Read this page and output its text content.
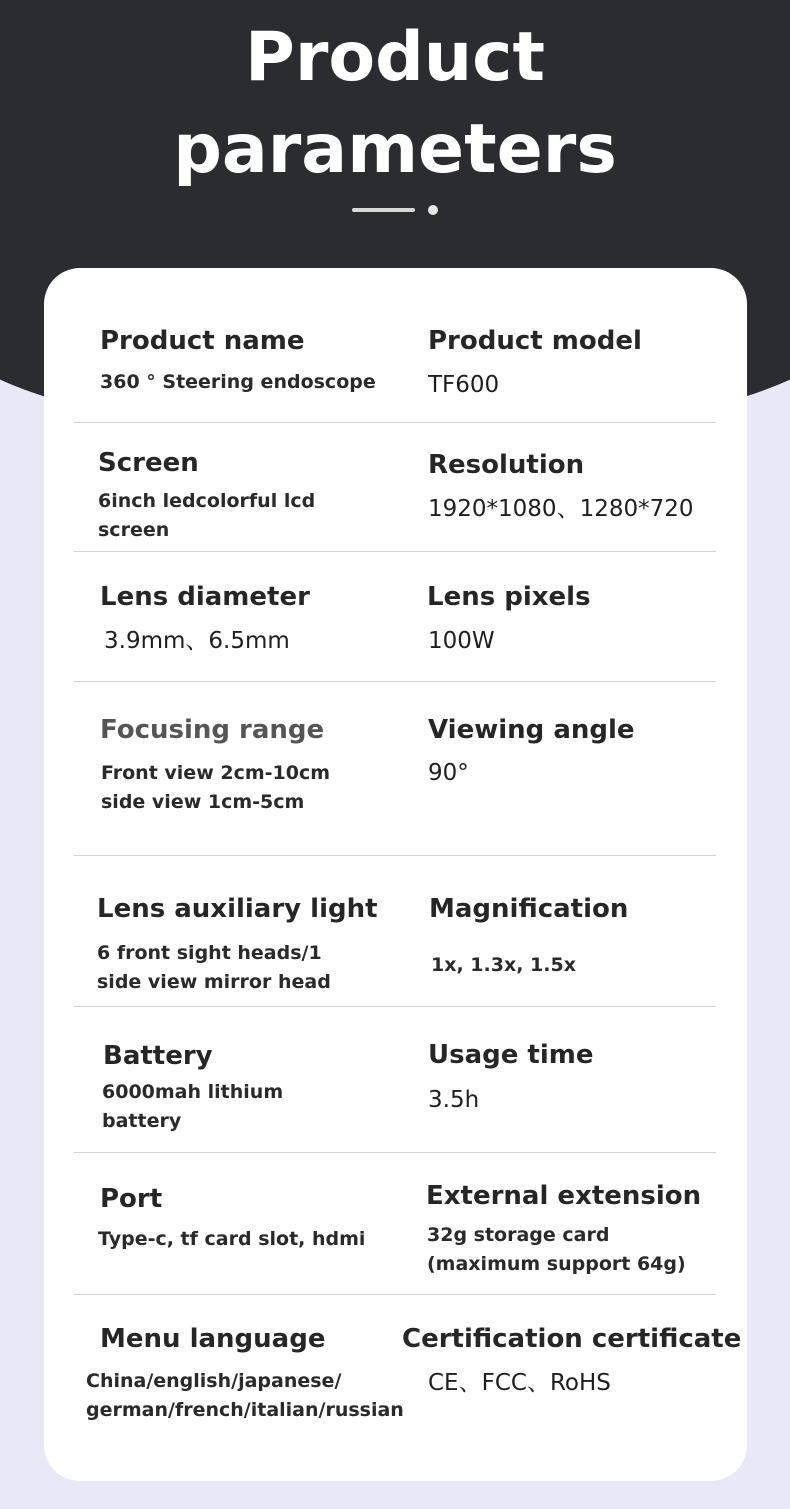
Product
parameters
Product name
360 ° Steering endoscope
Product model
TF600
Screen
6inch ledcolorful lcd
screen
Resolution
1920*1080、1280*720
Lens diameter
3.9mm、6.5mm
Lens pixels
100W
Focusing range
Front view 2cm-10cm
side view 1cm-5cm
Viewing angle
90°
Lens auxiliary light
6 front sight heads/1
side view mirror head
Magnification
1x, 1.3x, 1.5x
Battery
6000mah lithium
battery
Usage time
3.5h
Port
Type-c, tf card slot, hdmi
External extension
32g storage card
(maximum support 64g)
Menu language
China/english/japanese/
german/french/italian/russian
Certification certificate
CE、FCC、RoHS
